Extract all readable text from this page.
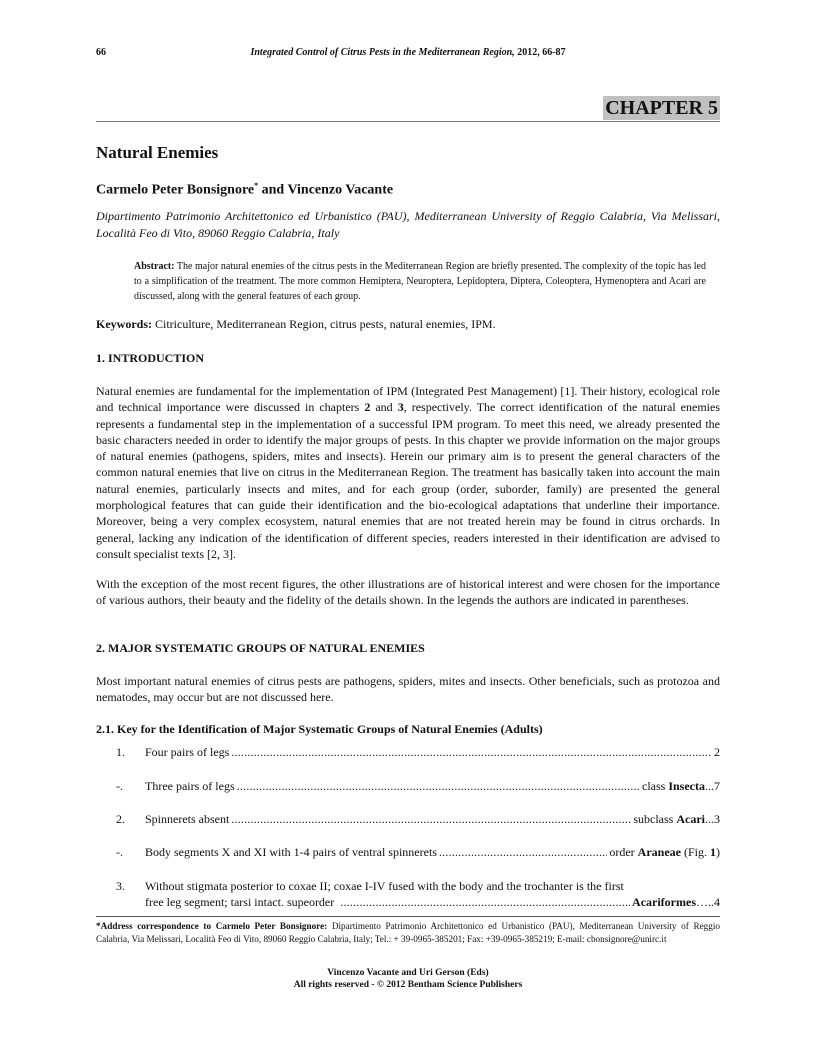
66	Integrated Control of Citrus Pests in the Mediterranean Region, 2012, 66-87
CHAPTER 5
Natural Enemies
Carmelo Peter Bonsignore* and Vincenzo Vacante
Dipartimento Patrimonio Architettonico ed Urbanistico (PAU), Mediterranean University of Reggio Calabria, Via Melissari, Località Feo di Vito, 89060 Reggio Calabria, Italy
Abstract: The major natural enemies of the citrus pests in the Mediterranean Region are briefly presented. The complexity of the topic has led to a simplification of the treatment. The more common Hemiptera, Neuroptera, Lepidoptera, Diptera, Coleoptera, Hymenoptera and Acari are discussed, along with the general features of each group.
Keywords: Citriculture, Mediterranean Region, citrus pests, natural enemies, IPM.
1. INTRODUCTION
Natural enemies are fundamental for the implementation of IPM (Integrated Pest Management) [1]. Their history, ecological role and technical importance were discussed in chapters 2 and 3, respectively. The correct identification of the natural enemies represents a fundamental step in the implementation of a successful IPM program. To meet this need, we already presented the basic characters needed in order to identify the major groups of pests. In this chapter we provide information on the major groups of natural enemies (pathogens, spiders, mites and insects). Herein our primary aim is to present the general characters of the common natural enemies that live on citrus in the Mediterranean Region. The treatment has basically taken into account the main natural enemies, particularly insects and mites, and for each group (order, suborder, family) are presented the general morphological features that can guide their identification and the bio-ecological adaptations that underline their importance. Moreover, being a very complex ecosystem, natural enemies that are not treated herein may be found in citrus orchards. In general, lacking any indication of the identification of different species, readers interested in their identification are advised to consult specialist texts [2, 3].
With the exception of the most recent figures, the other illustrations are of historical interest and were chosen for the importance of various authors, their beauty and the fidelity of the details shown. In the legends the authors are indicated in parentheses.
2. MAJOR SYSTEMATIC GROUPS OF NATURAL ENEMIES
Most important natural enemies of citrus pests are pathogens, spiders, mites and insects. Other beneficials, such as protozoa and nematodes, may occur but are not discussed here.
2.1. Key for the Identification of Major Systematic Groups of Natural Enemies (Adults)
1.	Four pairs of legs .....	2
-.	Three pairs of legs .....	class Insecta...7
2.	Spinnerets absent .....	subclass Acari...3
-.	Body segments X and XI with 1-4 pairs of ventral spinnerets .....	order Araneae (Fig. 1)
3.	Without stigmata posterior to coxae II; coxae I-IV fused with the body and the trochanter is the first
free leg segment; tarsi intact. supeorder .....	Acariformes…..4
*Address correspondence to Carmelo Peter Bonsignore: Dipartimento Patrimonio Architettonico ed Urbanistico (PAU), Mediterranean University of Reggio Calabria, Via Melissari, Località Feo di Vito, 89060 Reggio Calabria, Italy; Tel.: + 39-0965-385201; Fax: +39-0965-385219; E-mail: cbonsignore@unirc.it
Vincenzo Vacante and Uri Gerson (Eds)
All rights reserved - © 2012 Bentham Science Publishers
